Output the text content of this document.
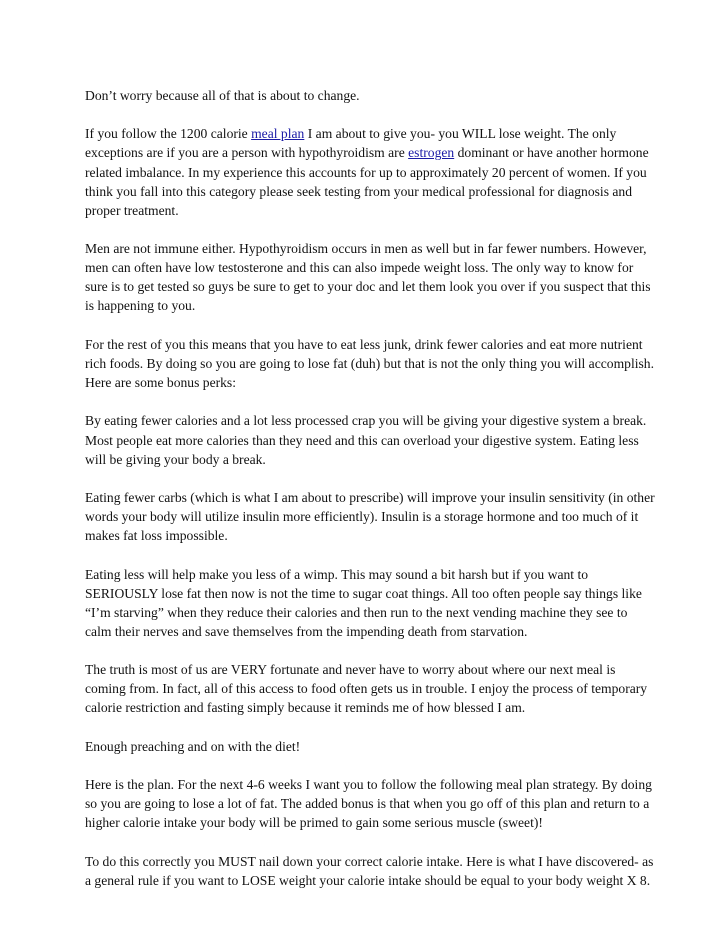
Don’t worry because all of that is about to change.

If you follow the 1200 calorie meal plan I am about to give you- you WILL lose weight. The only exceptions are if you are a person with hypothyroidism are estrogen dominant or have another hormone related imbalance. In my experience this accounts for up to approximately 20 percent of women. If you think you fall into this category please seek testing from your medical professional for diagnosis and proper treatment.

Men are not immune either. Hypothyroidism occurs in men as well but in far fewer numbers. However, men can often have low testosterone and this can also impede weight loss. The only way to know for sure is to get tested so guys be sure to get to your doc and let them look you over if you suspect that this is happening to you.

For the rest of you this means that you have to eat less junk, drink fewer calories and eat more nutrient rich foods. By doing so you are going to lose fat (duh) but that is not the only thing you will accomplish. Here are some bonus perks:

By eating fewer calories and a lot less processed crap you will be giving your digestive system a break. Most people eat more calories than they need and this can overload your digestive system. Eating less will be giving your body a break.

Eating fewer carbs (which is what I am about to prescribe) will improve your insulin sensitivity (in other words your body will utilize insulin more efficiently). Insulin is a storage hormone and too much of it makes fat loss impossible.

Eating less will help make you less of a wimp. This may sound a bit harsh but if you want to SERIOUSLY lose fat then now is not the time to sugar coat things. All too often people say things like “I’m starving” when they reduce their calories and then run to the next vending machine they see to calm their nerves and save themselves from the impending death from starvation.

The truth is most of us are VERY fortunate and never have to worry about where our next meal is coming from. In fact, all of this access to food often gets us in trouble. I enjoy the process of temporary calorie restriction and fasting simply because it reminds me of how blessed I am.

Enough preaching and on with the diet!

Here is the plan. For the next 4-6 weeks I want you to follow the following meal plan strategy. By doing so you are going to lose a lot of fat. The added bonus is that when you go off of this plan and return to a higher calorie intake your body will be primed to gain some serious muscle (sweet)!

To do this correctly you MUST nail down your correct calorie intake. Here is what I have discovered- as a general rule if you want to LOSE weight your calorie intake should be equal to your body weight X 8.
